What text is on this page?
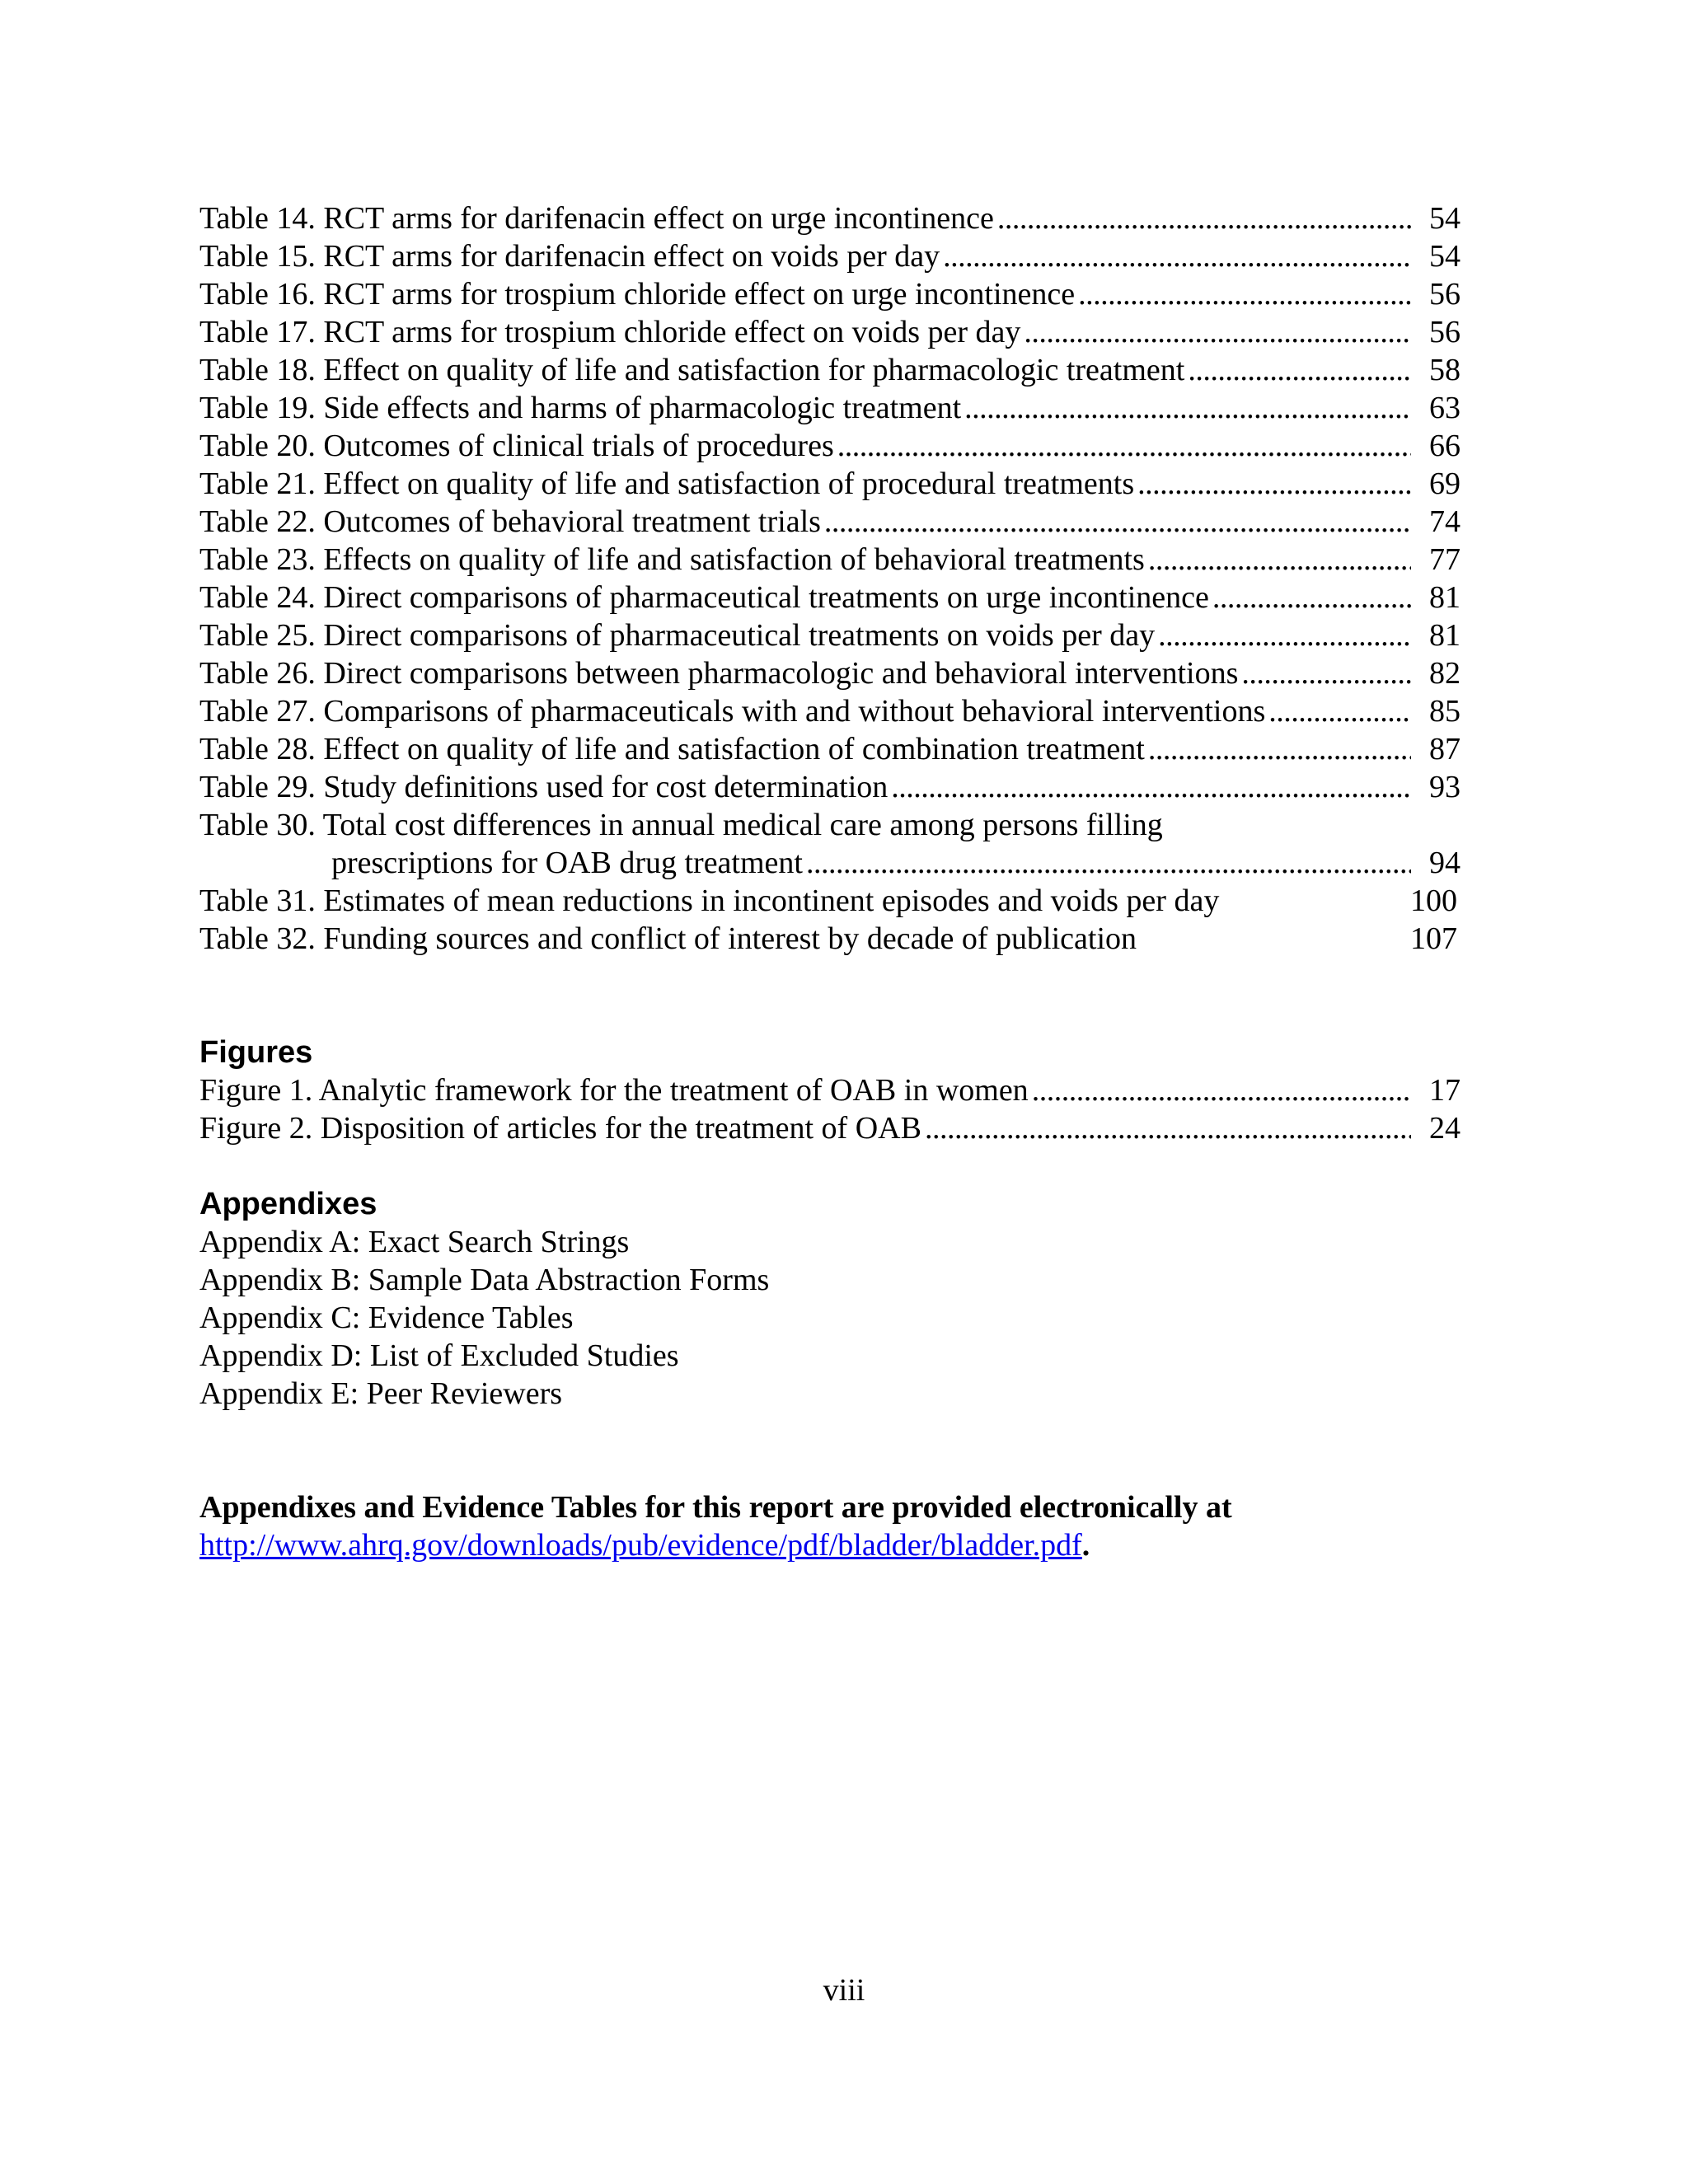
Table 14. RCT arms for darifenacin effect on urge incontinence . . .	54
Table 15. RCT arms for darifenacin effect on voids per day . . .	54
Table 16. RCT arms for trospium chloride effect on urge incontinence . . .	56
Table 17. RCT arms for trospium chloride effect on voids per day . . .	56
Table 18. Effect on quality of life and satisfaction for pharmacologic treatment . . .	58
Table 19. Side effects and harms of pharmacologic treatment . . .	63
Table 20. Outcomes of clinical trials of procedures . . .	66
Table 21. Effect on quality of life and satisfaction of procedural treatments . . .	69
Table 22. Outcomes of behavioral treatment trials . . .	74
Table 23. Effects on quality of life and satisfaction of behavioral treatments . . .	77
Table 24. Direct comparisons of pharmaceutical treatments on urge incontinence . . .	81
Table 25. Direct comparisons of pharmaceutical treatments on voids per day . . .	81
Table 26. Direct comparisons between pharmacologic and behavioral interventions . . .	82
Table 27. Comparisons of pharmaceuticals with and without behavioral interventions . . .	85
Table 28. Effect on quality of life and satisfaction of combination treatment . . .	87
Table 29. Study definitions used for cost determination . . .	93
Table 30. Total cost differences in annual medical care among persons filling
prescriptions for OAB drug treatment . . .	94
Table 31. Estimates of mean reductions in incontinent episodes and voids per day	100
Table 32. Funding sources and conflict of interest by decade of publication	107
Figures
Figure 1. Analytic framework for the treatment of OAB in women . . .	17
Figure 2. Disposition of articles for the treatment of OAB . . .	24
Appendixes

Appendix A: Exact Search Strings

Appendix B: Sample Data Abstraction Forms

Appendix C: Evidence Tables

Appendix D: List of Excluded Studies

Appendix E: Peer Reviewers

Appendixes and Evidence Tables for this report are provided electronically at
http://www.ahrq.gov/downloads/pub/evidence/pdf/bladder/bladder.pdf.

viii
